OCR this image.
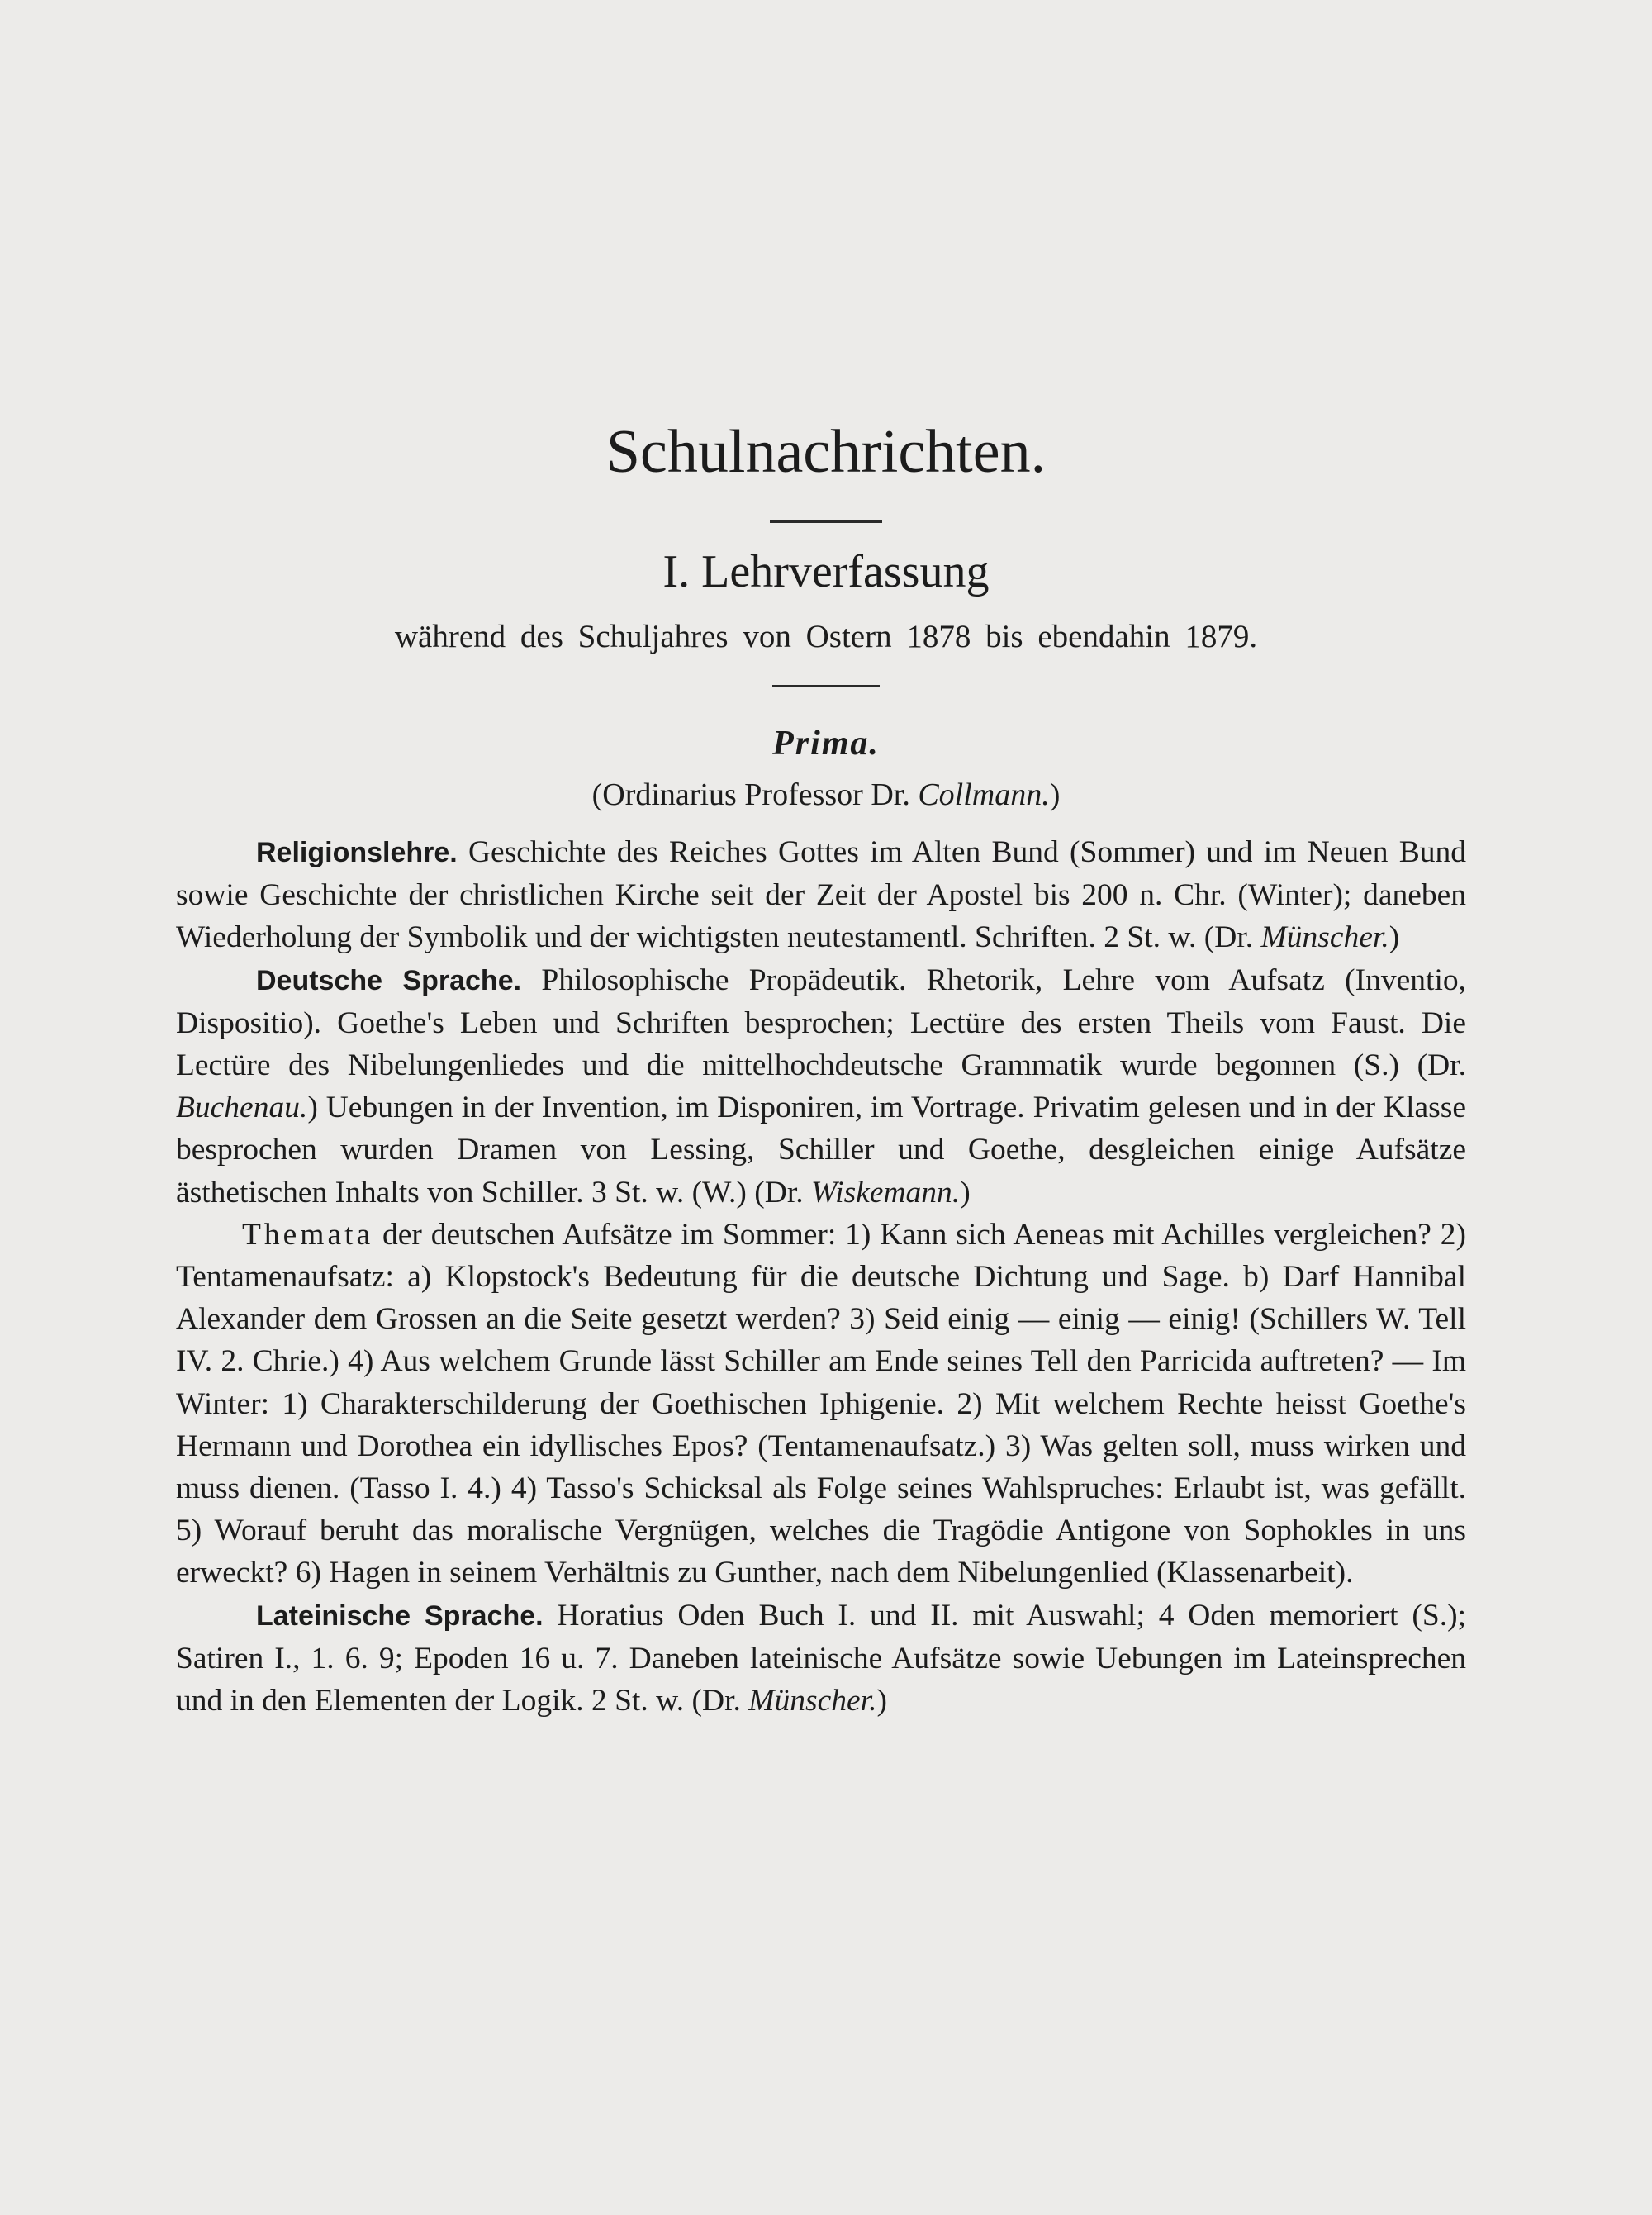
Schulnachrichten.
I. Lehrverfassung
während des Schuljahres von Ostern 1878 bis ebendahin 1879.
Prima.
(Ordinarius Professor Dr. Collmann.)

Religionslehre. Geschichte des Reiches Gottes im Alten Bund (Sommer) und im Neuen Bund sowie Geschichte der christlichen Kirche seit der Zeit der Apostel bis 200 n. Chr. (Winter); daneben Wiederholung der Symbolik und der wichtigsten neutestamentl. Schriften. 2 St. w. (Dr. Münscher.)

Deutsche Sprache. Philosophische Propädeutik. Rhetorik, Lehre vom Aufsatz (Inventio, Dispositio). Goethe's Leben und Schriften besprochen; Lectüre des ersten Theils vom Faust. Die Lectüre des Nibelungenliedes und die mittelhochdeutsche Grammatik wurde begonnen (S.) (Dr. Buchenau.) Uebungen in der Invention, im Disponiren, im Vortrage. Privatim gelesen und in der Klasse besprochen wurden Dramen von Lessing, Schiller und Goethe, desgleichen einige Aufsätze ästhetischen Inhalts von Schiller. 3 St. w. (W.) (Dr. Wiskemann.)

Themata der deutschen Aufsätze im Sommer: 1) Kann sich Aeneas mit Achilles vergleichen? 2) Tentamenaufsatz: a) Klopstock's Bedeutung für die deutsche Dichtung und Sage. b) Darf Hannibal Alexander dem Grossen an die Seite gesetzt werden? 3) Seid einig — einig — einig! (Schillers W. Tell IV. 2. Chrie.) 4) Aus welchem Grunde lässt Schiller am Ende seines Tell den Parricida auftreten? — Im Winter: 1) Charakterschilderung der Goethischen Iphigenie. 2) Mit welchem Rechte heisst Goethe's Hermann und Dorothea ein idyllisches Epos? (Tentamenaufsatz.) 3) Was gelten soll, muss wirken und muss dienen. (Tasso I. 4.) 4) Tasso's Schicksal als Folge seines Wahlspruches: Erlaubt ist, was gefällt. 5) Worauf beruht das moralische Vergnügen, welches die Tragödie Antigone von Sophokles in uns erweckt? 6) Hagen in seinem Verhältnis zu Gunther, nach dem Nibelungenlied (Klassenarbeit).

Lateinische Sprache. Horatius Oden Buch I. und II. mit Auswahl; 4 Oden memoriert (S.); Satiren I., 1. 6. 9; Epoden 16 u. 7. Daneben lateinische Aufsätze sowie Uebungen im Lateinsprechen und in den Elementen der Logik. 2 St. w. (Dr. Münscher.)
